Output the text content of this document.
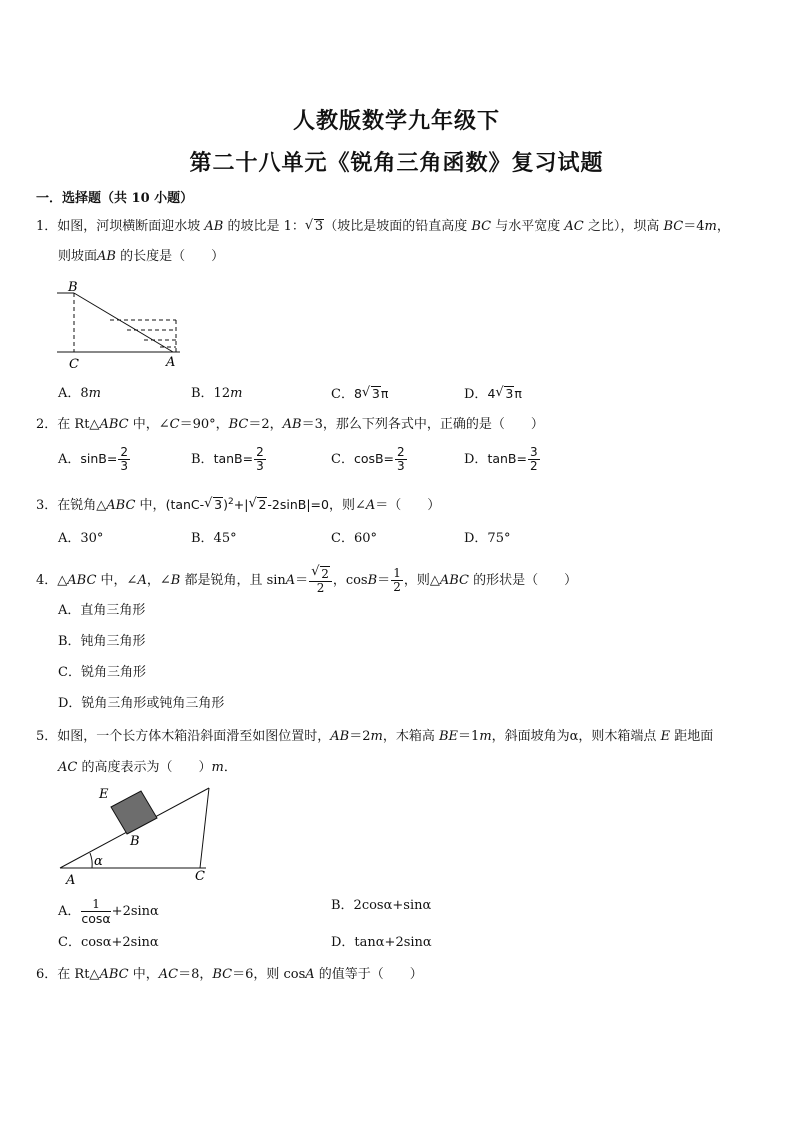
人教版数学九年级下
第二十八单元《锐角三角函数》复习试题
一．选择题（共 10 小题）
1．如图，河坝横断面迎水坡 AB 的坡比是 1： √ 3（坡比是坡面的铅直高度 BC 与水平宽度 AC 之比），坝高 BC＝4m，
则坡面AB 的长度是（　　）
B
C	A
A．8m	B．12m	C．8 √ 3π	D．4 √ 3π
2．在 Rt△ABC 中，∠C＝90°，BC＝2，AB＝3，那么下列各式中，正确的是（　　）
A．$\sin B= \frac{2}{3}$	B．$\tan B= \frac{2}{3}$	C．$\cos B= \frac{2}{3}$	D．$\tan B= \frac{3}{2}$
3．在锐角△ABC 中，(tanC- √ 3)$^2$+| √ 2-2sinB|=0，则∠A＝（　　）
A．30°	B．45°	C．60°	D．75°
4．△ABC 中，∠A，∠B 都是锐角，且 sinA＝ √ $\frac{2}{2}$ ，$\cos B= \frac{1}{2}$ ，则△ABC 的形状是（　　）
A．直角三角形
B．钝角三角形
C．锐角三角形
D．锐角三角形或钝角三角形
5．如图，一个长方体木箱沿斜面滑至如图位置时，AB＝2m，木箱高 BE＝1m，斜面坡角为α，则木箱端点 E 距地面
AC 的高度表示为（　　）m．
E
B
α
A	C
A． $\frac{1}{\cos\alpha} +2\sin\alpha$	B．2cosα+sinα
C．cosα+2sinα	D．tanα+2sinα
6．在 Rt△ABC 中，AC＝8，BC＝6，则 cosA 的值等于（　　）
